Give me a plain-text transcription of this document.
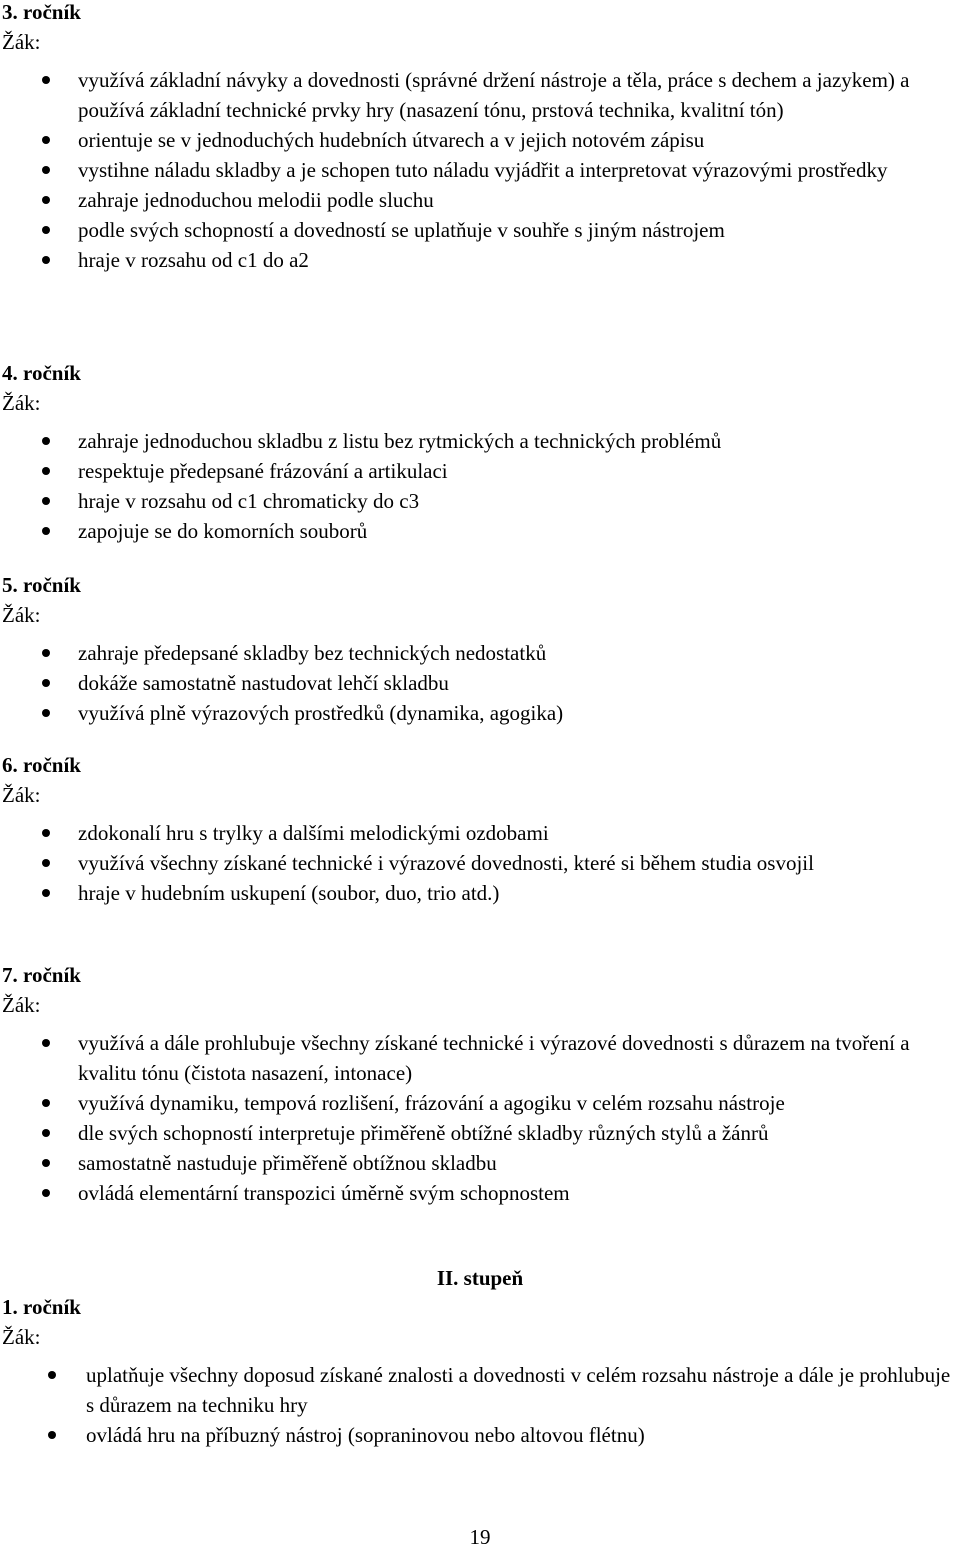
3. ročník
Žák:
využívá základní návyky a dovednosti (správné držení nástroje a těla, práce s dechem a jazykem) a používá základní technické prvky hry (nasazení tónu, prstová technika, kvalitní tón)
orientuje se v jednoduchých hudebních útvarech a v jejich notovém zápisu
vystihne náladu skladby a je schopen tuto náladu vyjádřit a interpretovat výrazovými prostředky
zahraje jednoduchou melodii podle sluchu
podle svých schopností a dovedností se uplatňuje v souhře s jiným nástrojem
hraje v rozsahu od c1 do a2
4. ročník
Žák:
zahraje jednoduchou skladbu z listu bez rytmických a technických problémů
respektuje předepsané frázování a artikulaci
hraje v rozsahu od c1 chromaticky do c3
zapojuje se do komorních souborů
5. ročník
Žák:
zahraje předepsané skladby bez technických nedostatků
dokáže samostatně nastudovat lehčí skladbu
využívá plně výrazových prostředků (dynamika, agogika)
6. ročník
Žák:
zdokonalí hru s trylky a dalšími melodickými ozdobami
využívá všechny získané technické i výrazové dovednosti, které si během studia osvojil
hraje v hudebním uskupení (soubor, duo, trio atd.)
7. ročník
Žák:
využívá a dále prohlubuje všechny získané technické i výrazové dovednosti s důrazem na tvoření a kvalitu tónu (čistota nasazení, intonace)
využívá dynamiku, tempová rozlišení, frázování a agogiku v celém rozsahu nástroje
dle svých schopností interpretuje přiměřeně obtížné skladby různých stylů a žánrů
samostatně nastuduje přiměřeně obtížnou skladbu
ovládá elementární transpozici úměrně svým schopnostem
II. stupeň
1. ročník
Žák:
uplatňuje všechny doposud získané znalosti a dovednosti v celém rozsahu nástroje a dále je prohlubuje s důrazem na techniku hry
ovládá hru na příbuzný nástroj (sopraninovou nebo altovou flétnu)
19
